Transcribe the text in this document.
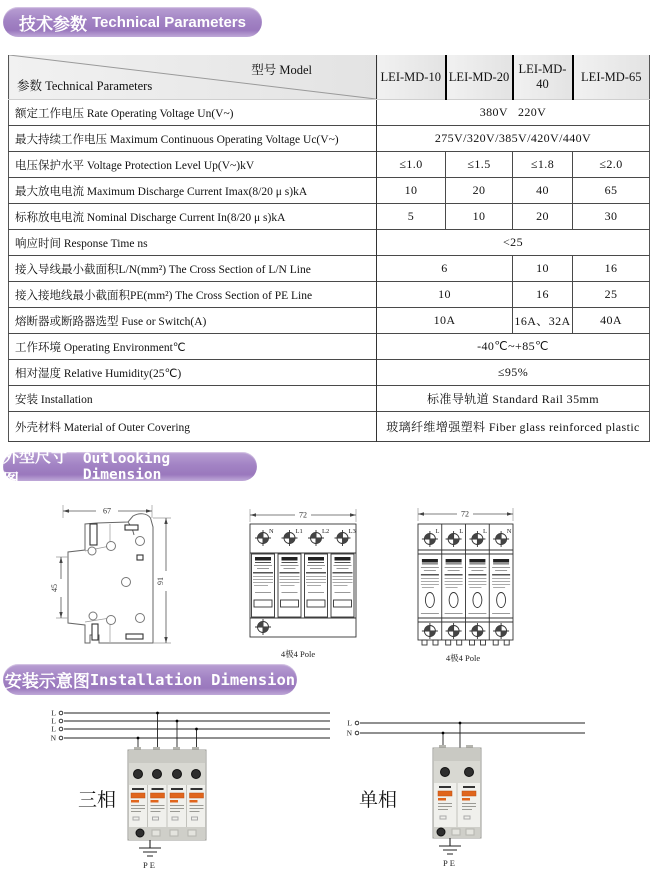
技术参数 Technical Parameters
型号 Model
参数 Technical Parameters	LEI-MD-10	LEI-MD-20	LEI-MD-40	LEI-MD-65
额定工作电压 Rate Operating Voltage Un(V~)	380V   220V			
最大持续工作电压 Maximum Continuous Operating Voltage Uc(V~)	275V/320V/385V/420V/440V			
电压保护水平 Voltage Protection Level Up(V~)kV	≤1.0	≤1.5	≤1.8	≤2.0
最大放电电流 Maximum Discharge Current Imax(8/20 μ s)kA	10	20	40	65
标称放电电流 Nominal Discharge Current In(8/20 μ s)kA	5	10	20	30
响应时间 Response Time ns	<25			
接入导线最小截面积L/N(mm²) The Cross Section of L/N Line	6		10	16
接入接地线最小截面积PE(mm²) The Cross Section of PE Line	10		16	25
熔断器或断路器选型 Fuse or Switch(A)	10A		16A、32A	40A
工作环境 Operating Environment℃	-40℃~+85℃			
相对湿度 Relative Humidity(25℃)	≤95%			
安装 Installation	标准导轨道 Standard Rail 35mm			
外壳材料 Material of Outer Covering	玻璃纤维增强塑料 Fiber glass reinforced plastic			
外型尺寸图
Outlooking Dimension
67
45
91
72
N	L1	L2	L3
4极4 Pole
72
L	L	L	N
4极4 Pole
安装示意图 Installation Dimension
L
L
L
N
PE
三相
L
N
PE
单相
